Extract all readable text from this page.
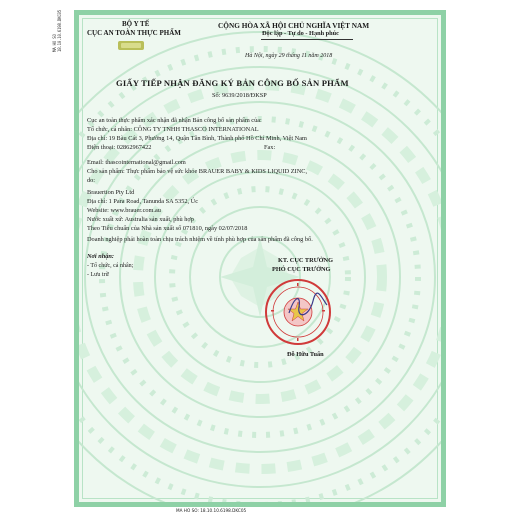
MA HO SO 18.10.10.6198.DKC05	BỘ Y TẾ
CỤC AN TOÀN THỰC PHẨM
CỘNG HÒA XÃ HỘI CHỦ NGHĨA VIỆT NAM
Độc lập - Tự do - Hạnh phúc
Hà Nội, ngày 29 tháng 11 năm 2018
GIẤY TIẾP NHẬN ĐĂNG KÝ BẢN CÔNG BỐ SẢN PHẨM
Số: 9639/2018/ĐKSP
Cục an toàn thực phẩm xác nhận đã nhận Bản công bố sản phẩm của:
Tổ chức, cá nhân: CÔNG TY TNHH THASCO INTERNATIONAL
Địa chỉ: 19 Bàu Cát 3, Phường 14, Quận Tân Bình, Thành phố Hồ Chí Minh, Việt Nam
Điện thoại: 02862967422	Fax:
Email: thascointernational@gmail.com
Cho sản phẩm: Thực phẩm bảo vệ sức khỏe BRAUER BABY & KIDS LIQUID ZINC,
do:
Brauertion Pty Ltd
Địa chỉ: 1 Para Road, Tanunda SA 5352, Úc
Website: www.brauer.com.au
Nước xuất xứ: Australia sản xuất, phù hợp
Theo Tiêu chuẩn của Nhà sản xuất số 071810, ngày 02/07/2018
Doanh nghiệp phải hoàn toàn chịu trách nhiệm về tính phù hợp của sản phẩm đã công bố.
Nơi nhận:
- Tổ chức, cá nhân;
- Lưu trữ
KT. CỤC TRƯỞNG
PHÓ CỤC TRƯỞNG
Đỗ Hữu Tuấn
MA HO SO: 18.10.10.6198.DKC05
